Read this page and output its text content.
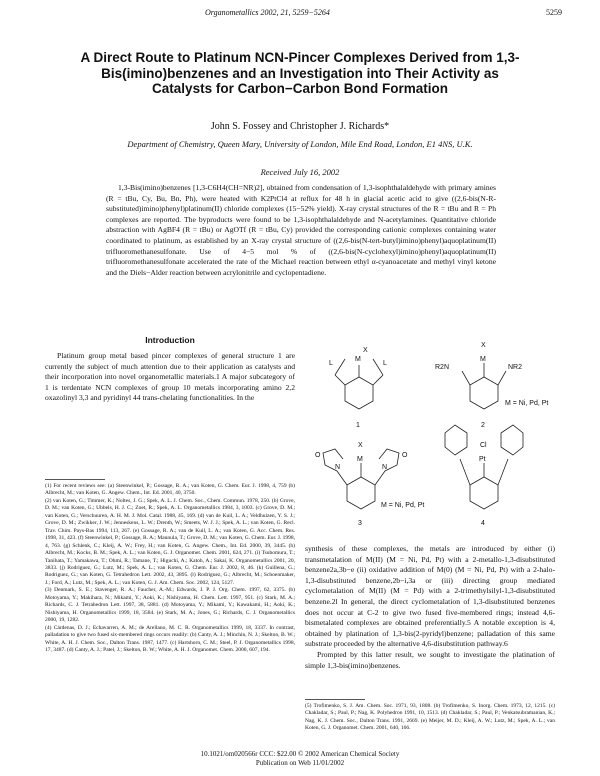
Organometallics 2002, 21, 5259−5264	5259
A Direct Route to Platinum NCN-Pincer Complexes Derived from 1,3-Bis(imino)benzenes and an Investigation into Their Activity as Catalysts for Carbon−Carbon Bond Formation
John S. Fossey and Christopher J. Richards*
Department of Chemistry, Queen Mary, University of London, Mile End Road, London, E1 4NS, U.K.
Received July 16, 2002
1,3-Bis(imino)benzenes [1,3-C6H4(CH=NR)2], obtained from condensation of 1,3-isophthalaldehyde with primary amines (R = tBu, Cy, Bu, Bn, Ph), were heated with K2PtCl4 at reflux for 48 h in glacial acetic acid to give ((2,6-bis(N-R-substituted)imino)phenyl)platinum(II) chloride complexes (15−52% yield). X-ray crystal structures of the R = tBu and R = Ph complexes are reported. The byproducts were found to be 1,3-isophthalaldehyde and N-acetylamines. Quantitative chloride abstraction with AgBF4 (R = tBu) or AgOTf (R = tBu, Cy) provided the corresponding cationic complexes containing water coordinated to platinum, as established by an X-ray crystal structure of ((2,6-bis(N-tert-butyl)imino)phenyl)aquoplatinum(II) trifluoromethanesulfonate. Use of 4−5 mol % of ((2,6-bis(N-cyclohexyl)imino)phenyl)aquoplatinum(II) trifluoromethanesulfonate accelerated the rate of the Michael reaction between ethyl α-cyanoacetate and methyl vinyl ketone and the Diels−Alder reaction between acrylonitrile and cyclopentadiene.
Introduction
Platinum group metal based pincer complexes of general structure 1 are currently the subject of much attention due to their application as catalysts and their incorporation into novel organometallic materials.1 A major subcategory of 1 is terdentate NCN complexes of group 10 metals incorporating amino 2,2 oxazolinyl 3,3 and pyridinyl 44 trans-chelating functionalities. In the

(1) For recent reviews see: (a) Steenwinkel, P.; Gossage, R. A.; van Koten, G. Chem. Eur. J. 1998, 4, 759 (b) Albrecht, M.; van Koten, G. Angew. Chem., Int. Ed. 2001, 40, 3750.

(2) van Koten, G.; Timmer, K.; Noltes, J. G.; Spek, A. L. J. Chem. Soc., Chem. Commun. 1978, 250. (b) Grove, D. M.; van Koten, G.; Ubbels, H. J. C.; Zoet, R.; Spek, A. L. Organometallics 1984, 3, 1003. (c) Grove, D. M.; van Koten, G.; Verschuuren, A. H. M. J. Mol. Catal. 1988, 45, 169. (d) van de Kuil, L. A.; Veldhuizen, Y. S. J.; Grove, D. M.; Zwikker, J. W.; Jenneskens, L. W.; Drenth, W.; Smeets, W. J. J.; Spek, A. L.; van Koten, G. Recl. Trav. Chim. Pays-Bas 1994, 113, 267. (e) Gossage, R. A.; van de Kuil, L. A.; van Koten, G. Acc. Chem. Res. 1998, 31, 423. (f) Steenwinkel, P.; Gossage, R. A.; Maunula, T.; Grove, D. M.; van Koten, G. Chem. Eur. J. 1998, 4, 763. (g) Schlenk, C.; Kleij, A. W.; Frey, H.; van Koten, G. Angew. Chem., Int. Ed. 2000, 39, 3445. (h) Albrecht, M.; Kocks, B. M.; Spek, A. L.; van Koten, G. J. Organomet. Chem. 2001, 624, 271. (i) Tsubomura, T.; Tanihata, T.; Yamakawa, T.; Ohmi, R.; Tamane, T.; Higuchi, A.; Katoh, A.; Sakai, K. Organometallics 2001, 20, 3833. (j) Rodriguez, G.; Lutz, M.; Spek, A. L.; van Koten, G. Chem. Eur. J. 2002, 8, 46. (k) Guillena, G.; Rodriguez, G.; van Koten, G. Tetrahedron Lett. 2002, 43, 3895. (l) Rodriguez, G.; Albrecht, M.; Schoenmaker, J.; Ford, A.; Lutz, M.; Spek, A. L.; van Koten, G. J. Am. Chem. Soc. 2002, 124, 5127.

(3) Denmark, S. E.; Stavenger, R. A.; Faucher, A.-M.; Edwards, J. P. J. Org. Chem. 1997, 62, 3375. (b) Motoyama, Y.; Makihara, N.; Mikami, Y.; Aoki, K.; Nishiyama, H. Chem. Lett. 1997, 951. (c) Stark, M. A.; Richards, C. J. Tetrahedron Lett. 1997, 38, 5881. (d) Motoyama, Y.; Mikami, Y.; Kawakami, H.; Aoki, K.; Nishiyama, H. Organometallics 1999, 18, 3584. (e) Stark, M. A.; Jones, G.; Richards, C. J. Organometallics 2000, 19, 1282.

(4) Cárdenas, D. J.; Echavarren, A. M.; de Arellano, M. C. R. Organometallics 1999, 18, 3337. In contrast, palladation to give two fused six-membered rings occurs readily: (b) Canty, A. J.; Minchin, N. J.; Skelton, B. W.; White, A. H. J. Chem. Soc., Dalton Trans. 1987, 1477. (c) Hartshorn, C. M.; Steel, P. J. Organometallics 1998, 17, 3487. (d) Canty, A. J.; Patel, J.; Skelton, B. W.; White, A. H. J. Organomet. Chem. 2000, 607, 194.

L
M
X
L
1
R2N	NR2
M
X
2
M = Ni, Pd, Pt
O	O
N	N
M
X
3
M = Ni, Pd, Pt
Cl
Pt
4

synthesis of these complexes, the metals are introduced by either (i) transmetalation of M(II) (M = Ni, Pd, Pt) with a 2-metallo-1,3-disubstituted benzene2a,3b−e (ii) oxidative addition of M(0) (M = Ni, Pd, Pt) with a 2-halo-1,3-disubstituted benzene,2b−i,3a or (iii) directing group mediated cyclometalation of M(II) (M = Pd) with a 2-trimethylsilyl-1,3-disubstituted benzene.2l In general, the direct cyclometalation of 1,3-disubstituted benzenes does not occur at C-2 to give two fused five-membered rings; instead 4,6-bismetalated complexes are obtained preferentially.5 A notable exception is 4, obtained by platination of 1,3-bis(2-pyridyl)benzene; palladation of this same substrate proceeded by the alternative 4,6-disubstitution pathway.6

Prompted by this latter result, we sought to investigate the platination of simple 1,3-bis(imino)benzenes.

(5) Trofimenko, S. J. Am. Chem. Soc. 1971, 93, 1808. (b) Trofimenko, S. Inorg. Chem. 1973, 12, 1215. (c) Chakladar, S.; Paul, P.; Nag, K. Polyhedron 1991, 10, 1513. (d) Chakladar, S.; Paul, P.; Venkatsubramanian, K.; Nag, K. J. Chem. Soc., Dalton Trans. 1991, 2669. (e) Meijer, M. D.; Kleij, A. W.; Lutz, M.; Spek, A. L.; van Koten, G. J. Organomet. Chem. 2001, 640, 166.

10.1021/om020566r CCC: $22.00 © 2002 American Chemical Society
Publication on Web 11/01/2002
